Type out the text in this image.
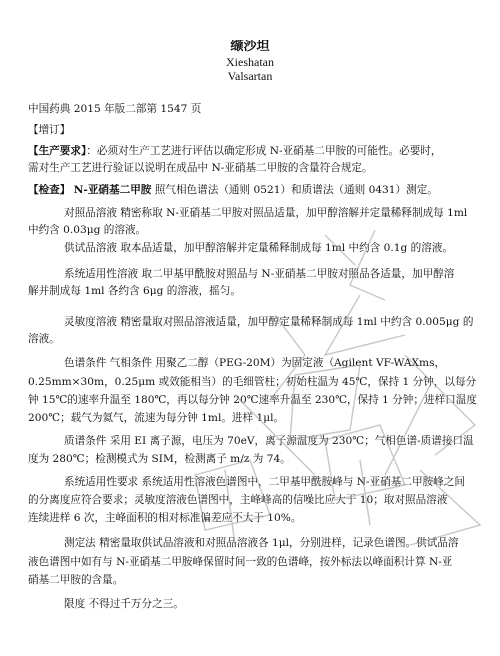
缬沙坦
Xieshatan
Valsartan
中国药典 2015 年版二部第 1547 页
【增订】
【生产要求】：必须对生产工艺进行评估以确定形成 N-亚硝基二甲胺的可能性。必要时，
需对生产工艺进行验证以说明在成品中 N-亚硝基二甲胺的含量符合规定。
【检查】 N-亚硝基二甲胺 照气相色谱法（通则 0521）和质谱法（通则 0431）测定。
对照品溶液 精密称取 N-亚硝基二甲胺对照品适量，加甲醇溶解并定量稀释制成每 1ml
中约含 0.03μg 的溶液。
供试品溶液 取本品适量，加甲醇溶解并定量稀释制成每 1ml 中约含 0.1g 的溶液。
系统适用性溶液 取二甲基甲酰胺对照品与 N-亚硝基二甲胺对照品各适量，加甲醇溶
解并制成每 1ml 各约含 6μg 的溶液，摇匀。
灵敏度溶液 精密量取对照品溶液适量，加甲醇定量稀释制成每 1ml 中约含 0.005μg 的
溶液。
色谱条件 气相条件 用聚乙二醇（PEG-20M）为固定液（Agilent VF-WAXms，
0.25mm×30m，0.25μm 或效能相当）的毛细管柱；初始柱温为 45℃，保持 1 分钟，以每分
钟 15℃的速率升温至 180℃，再以每分钟 20℃速率升温至 230℃，保持 1 分钟；进样口温度
200℃；载气为氦气，流速为每分钟 1ml。进样 1μl。
质谱条件 采用 EI 离子源，电压为 70eV，离子源温度为 230℃；气相色谱-质谱接口温
度为 280℃；检测模式为 SIM，检测离子 m/z 为 74。
系统适用性要求 系统适用性溶液色谱图中，二甲基甲酰胺峰与 N-亚硝基二甲胺峰之间
的分离度应符合要求；灵敏度溶液色谱图中，主峰峰高的信噪比应大于 10；取对照品溶液
连续进样 6 次，主峰面积的相对标准偏差应不大于 10%。
测定法 精密量取供试品溶液和对照品溶液各 1μl，分别进样，记录色谱图。供试品溶
液色谱图中如有与 N-亚硝基二甲胺峰保留时间一致的色谱峰，按外标法以峰面积计算 N-亚
硝基二甲胺的含量。
限度 不得过千万分之三。
